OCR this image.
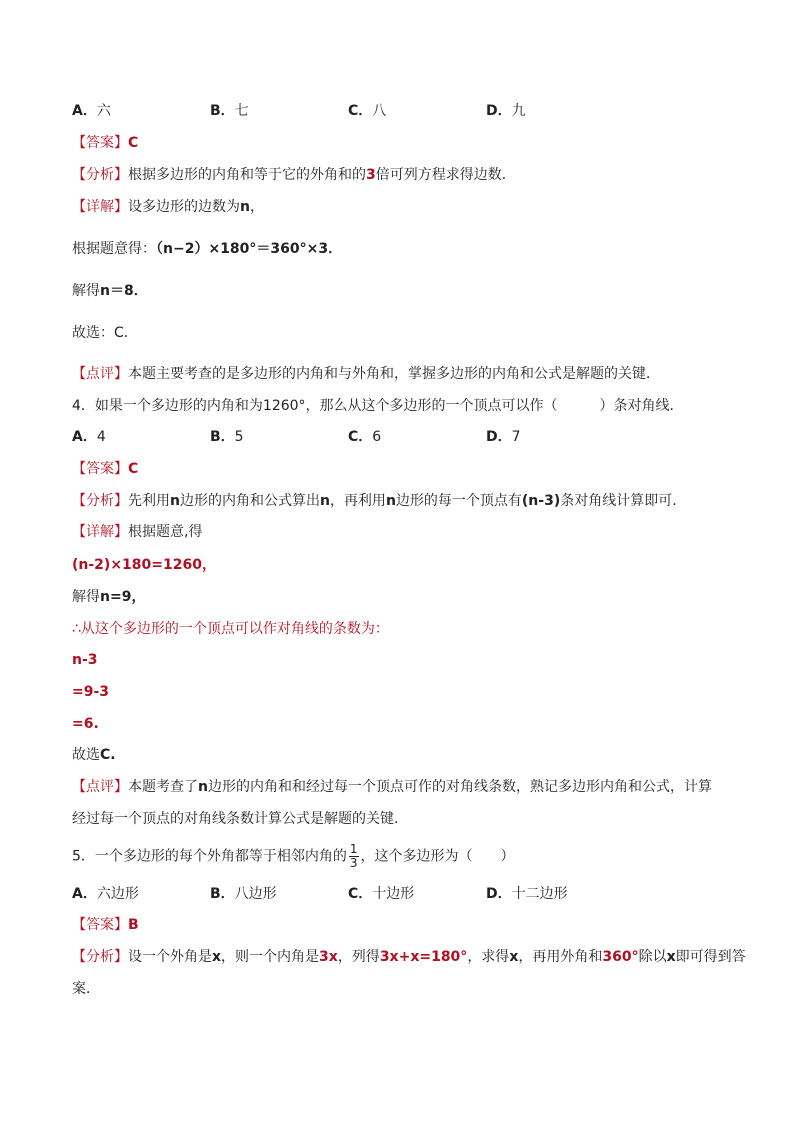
A．六	B．七	C．八	D．九
【答案】C
【分析】根据多边形的内角和等于它的外角和的3倍可列方程求得边数．
【详解】设多边形的边数为n，
根据题意得：（n−2）×180°＝360°×3．
解得n＝8．
故选：C．
【点评】本题主要考查的是多边形的内角和与外角和，掌握多边形的内角和公式是解题的关键．
4．如果一个多边形的内角和为1260°，那么从这个多边形的一个顶点可以作（　　　）条对角线．
A．4	B．5	C．6	D．7
【答案】C
【分析】先利用n边形的内角和公式算出n，再利用n边形的每一个顶点有(n-3)条对角线计算即可.
【详解】根据题意,得
(n-2)×180=1260，
解得n=9，
∴从这个多边形的一个顶点可以作对角线的条数为：
n-3
=9-3
=6.
故选C.
【点评】本题考查了n边形的内角和和经过每一个顶点可作的对角线条数，熟记多边形内角和公式，计算
经过每一个顶点的对角线条数计算公式是解题的关键.
5．一个多边形的每个外角都等于相邻内角的 $\frac{1}{3}$ ，这个多边形为（　　）
A．六边形	B．八边形	C．十边形	D．十二边形
【答案】B
【分析】设一个外角是x，则一个内角是3x，列得3x+x=180°，求得x，再用外角和360°除以x即可得到答
案．
